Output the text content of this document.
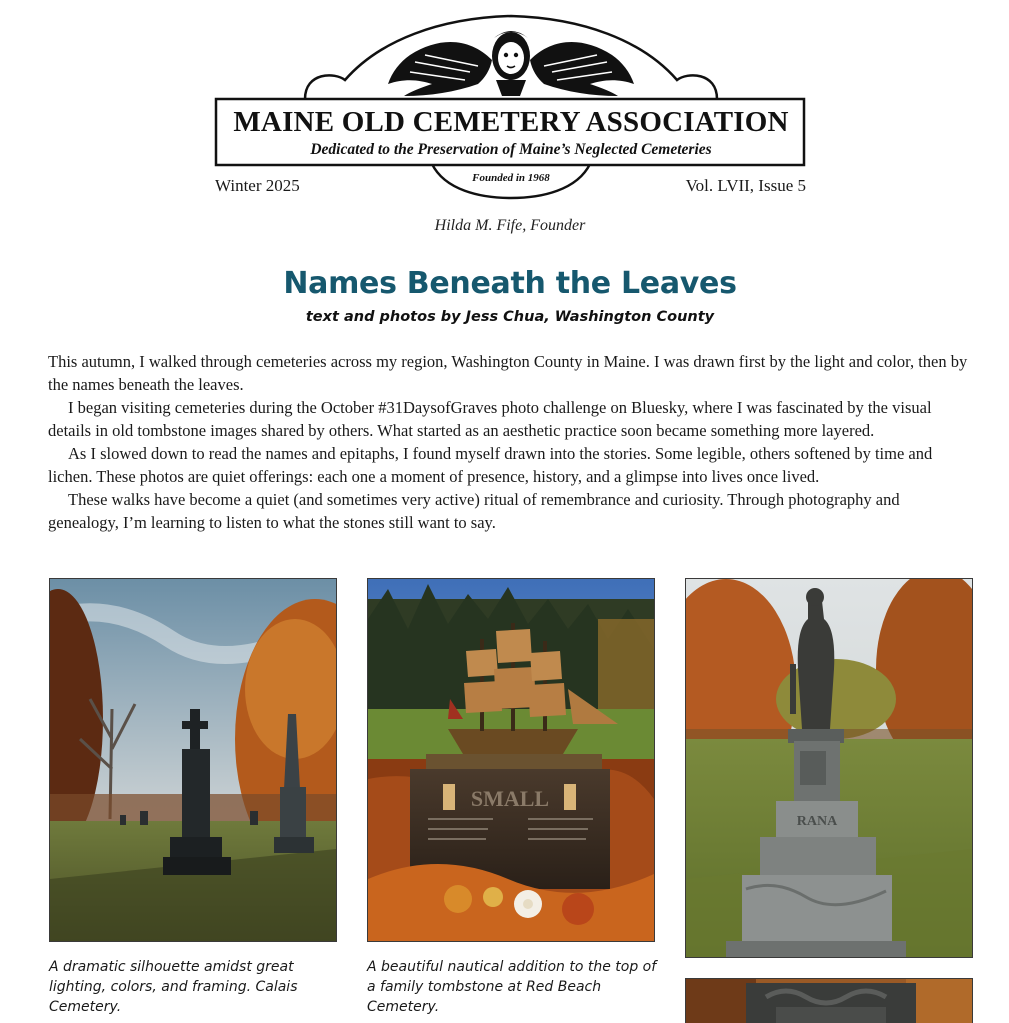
MAINE OLD CEMETERY ASSOCIATION
Dedicated to the Preservation of Maine’s Neglected Cemeteries
Founded in 1968
Winter 2025	Vol. LVII, Issue 5
Hilda M. Fife, Founder
Names Beneath the Leaves
text and photos by Jess Chua, Washington County

This autumn, I walked through cemeteries across my region, Washington County in Maine. I was drawn first by the light and color, then by the names beneath the leaves.

I began visiting cemeteries during the October #31DaysofGraves photo challenge on Bluesky, where I was fascinated by the visual details in old tombstone images shared by others. What started as an aesthetic practice soon became something more layered.

As I slowed down to read the names and epitaphs, I found myself drawn into the stories. Some legible, others softened by time and lichen. These photos are quiet offerings: each one a moment of presence, history, and a glimpse into lives once lived.

These walks have become a quiet (and sometimes very active) ritual of remembrance and curiosity. Through photography and genealogy, I’m learning to listen to what the stones still want to say.

A dramatic silhouette amidst great lighting, colors, and framing. Calais Cemetery.
SMALL
A beautiful nautical addition to the top of a family tombstone at Red Beach Cemetery.
RANA
